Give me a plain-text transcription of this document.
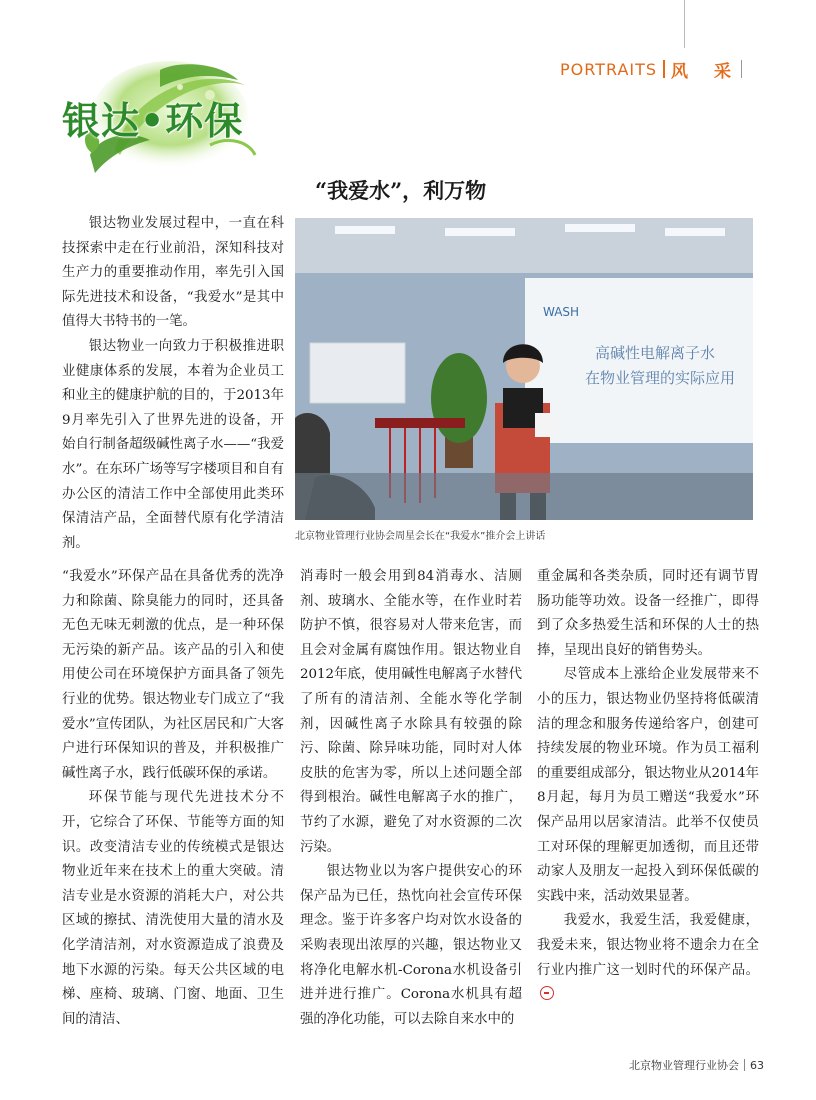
PORTRAITS 风 采
银达•环保
“我爱水”，利万物
WASH
高碱性电解离子水
在物业管理的实际应用
北京物业管理行业协会周星会长在“我爱水”推介会上讲话

银达物业发展过程中，一直在科技探索中走在行业前沿，深知科技对生产力的重要推动作用，率先引入国际先进技术和设备，“我爱水”是其中值得大书特书的一笔。

银达物业一向致力于积极推进职业健康体系的发展，本着为企业员工和业主的健康护航的目的，于2013年9月率先引入了世界先进的设备，开始自行制备超级碱性离子水——“我爱水”。在东环广场等写字楼项目和自有办公区的清洁工作中全部使用此类环保清洁产品，全面替代原有化学清洁剂。

“我爱水”环保产品在具备优秀的洗净力和除菌、除臭能力的同时，还具备无色无味无刺激的优点，是一种环保无污染的新产品。该产品的引入和使用使公司在环境保护方面具备了领先行业的优势。银达物业专门成立了“我爱水”宣传团队，为社区居民和广大客户进行环保知识的普及，并积极推广碱性离子水，践行低碳环保的承诺。

环保节能与现代先进技术分不开，它综合了环保、节能等方面的知识。改变清洁专业的传统模式是银达物业近年来在技术上的重大突破。清洁专业是水资源的消耗大户，对公共区域的擦拭、清洗使用大量的清水及化学清洁剂，对水资源造成了浪费及地下水源的污染。每天公共区域的电梯、座椅、玻璃、门窗、地面、卫生间的清洁、

消毒时一般会用到84消毒水、洁厕剂、玻璃水、全能水等，在作业时若防护不慎，很容易对人带来危害，而且会对金属有腐蚀作用。银达物业自2012年底，使用碱性电解离子水替代了所有的清洁剂、全能水等化学制剂，因碱性离子水除具有较强的除污、除菌、除异味功能，同时对人体皮肤的危害为零，所以上述问题全部得到根治。碱性电解离子水的推广，节约了水源，避免了对水资源的二次污染。

银达物业以为客户提供安心的环保产品为已任，热忱向社会宣传环保理念。鉴于许多客户均对饮水设备的采购表现出浓厚的兴趣，银达物业又将净化电解水机-Corona水机设备引进并进行推广。Corona水机具有超强的净化功能，可以去除自来水中的

重金属和各类杂质，同时还有调节胃肠功能等功效。设备一经推广，即得到了众多热爱生活和环保的人士的热捧，呈现出良好的销售势头。

尽管成本上涨给企业发展带来不小的压力，银达物业仍坚持将低碳清洁的理念和服务传递给客户，创建可持续发展的物业环境。作为员工福利的重要组成部分，银达物业从2014年8月起，每月为员工赠送“我爱水”环保产品用以居家清洁。此举不仅使员工对环保的理解更加透彻，而且还带动家人及朋友一起投入到环保低碳的实践中来，活动效果显著。

我爱水，我爱生活，我爱健康，我爱未来，银达物业将不遗余力在全行业内推广这一划时代的环保产品。

北京物业管理行业协会 63
